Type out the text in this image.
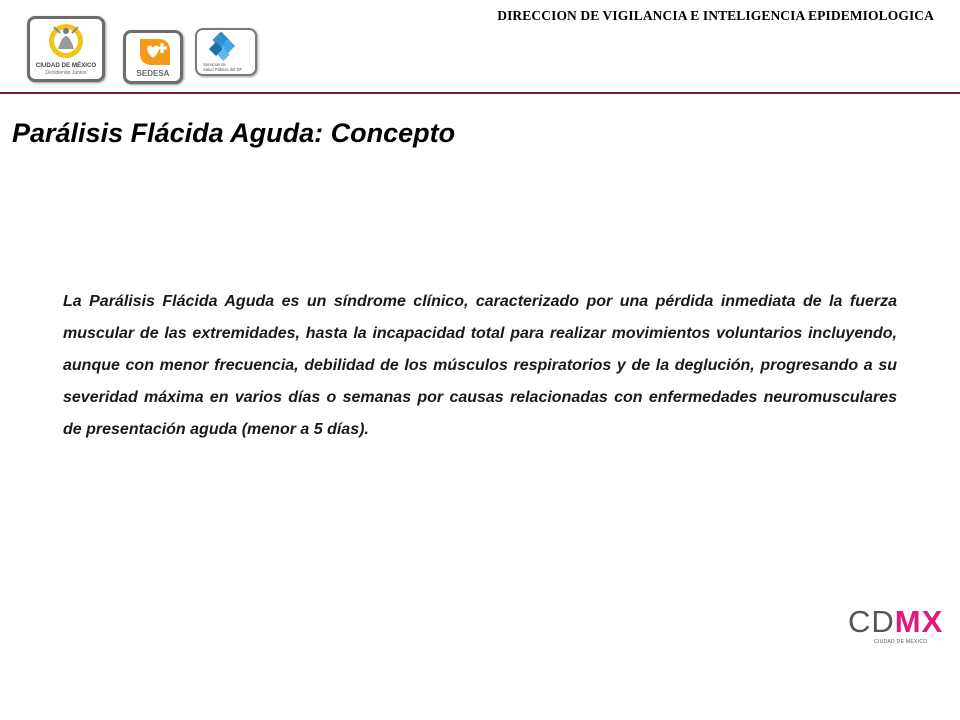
DIRECCION DE VIGILANCIA E INTELIGENCIA EPIDEMIOLOGICA
CIUDAD DE MÉXICO
Decidiendo Juntos	SEDESA
Servicios de
Salud Pública del DF
Parálisis Flácida Aguda: Concepto

La Parálisis Flácida Aguda es un síndrome clínico, caracterizado por una pérdida inmediata de la fuerza muscular de las extremidades, hasta la incapacidad total para realizar movimientos voluntarios incluyendo, aunque con menor frecuencia, debilidad de los músculos respiratorios y de la deglución, progresando a su severidad máxima en varios días o semanas por causas relacionadas con enfermedades neuromusculares de presentación aguda (menor a 5 días).

CDMX
CIUDAD DE MÉXICO
